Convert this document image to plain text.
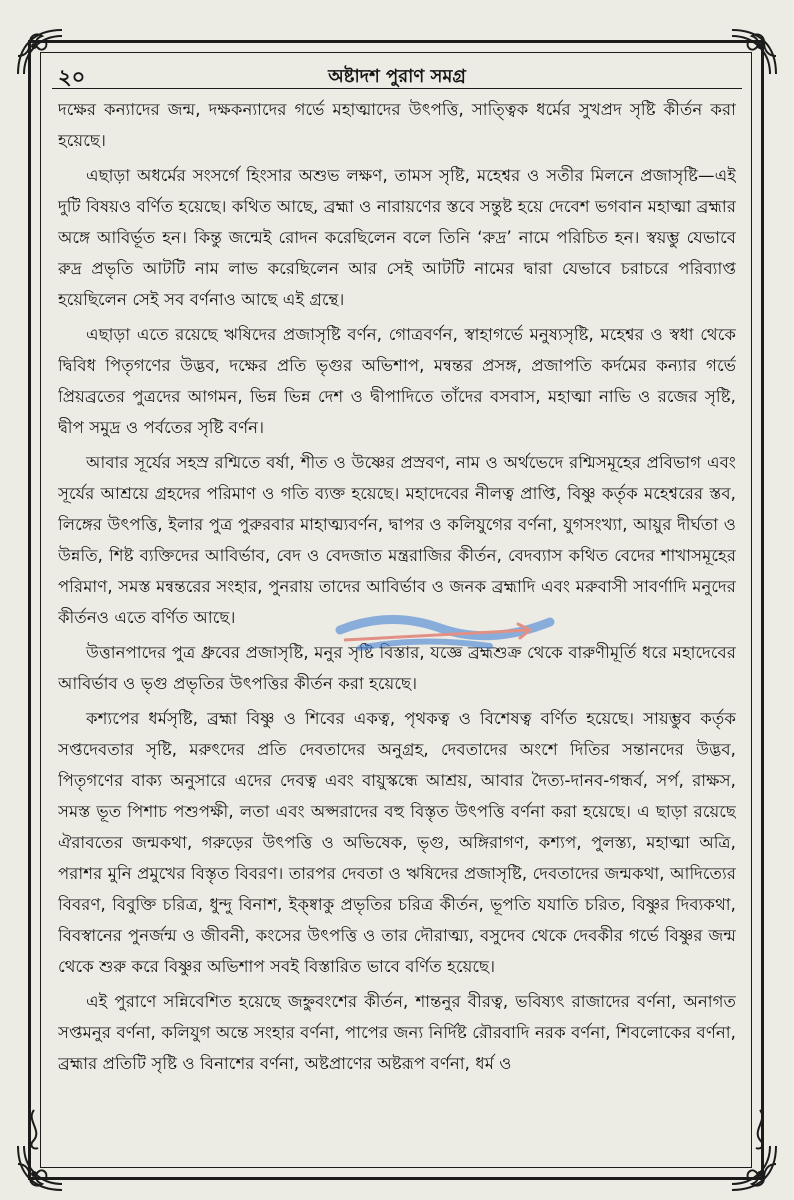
২০	অষ্টাদশ পুরাণ সমগ্র

দক্ষের কন্যাদের জন্ম, দক্ষকন্যাদের গর্ভে মহাত্মাদের উৎপত্তি, সাত্ত্বিক ধর্মের সুখপ্রদ সৃষ্টি কীর্তন করা হয়েছে।

এছাড়া অধর্মের সংসর্গে হিংসার অশুভ লক্ষণ, তামস সৃষ্টি, মহেশ্বর ও সতীর মিলনে প্রজাসৃষ্টি—এই দুটি বিষয়ও বর্ণিত হয়েছে। কথিত আছে, ব্রহ্মা ও নারায়ণের স্তবে সন্তুষ্ট হয়ে দেবেশ ভগবান মহাত্মা ব্রহ্মার অঙ্গে আবির্ভূত হন। কিন্তু জন্মেই রোদন করেছিলেন বলে তিনি ‘রুদ্র’ নামে পরিচিত হন। স্বয়ম্ভু যেভাবে রুদ্র প্রভৃতি আটটি নাম লাভ করেছিলেন আর সেই আটটি নামের দ্বারা যেভাবে চরাচরে পরিব্যাপ্ত হয়েছিলেন সেই সব বর্ণনাও আছে এই গ্রন্থে।

এছাড়া এতে রয়েছে ঋষিদের প্রজাসৃষ্টি বর্ণন, গোত্রবর্ণন, স্বাহাগর্ভে মনুষ্যসৃষ্টি, মহেশ্বর ও স্বধা থেকে দ্বিবিধ পিতৃগণের উদ্ভব, দক্ষের প্রতি ভৃগুর অভিশাপ, মন্বন্তর প্রসঙ্গ, প্রজাপতি কর্দমের কন্যার গর্ভে প্রিয়ব্রতের পুত্রদের আগমন, ভিন্ন ভিন্ন দেশ ও দ্বীপাদিতে তাঁদের বসবাস, মহাত্মা নাভি ও রজের সৃষ্টি, দ্বীপ সমুদ্র ও পর্বতের সৃষ্টি বর্ণন।

আবার সূর্যের সহস্র রশ্মিতে বর্ষা, শীত ও উষ্ণের প্রস্রবণ, নাম ও অর্থভেদে রশ্মিসমূহের প্রবিভাগ এবং সূর্যের আশ্রয়ে গ্রহদের পরিমাণ ও গতি ব্যক্ত হয়েছে। মহাদেবের নীলত্ব প্রাপ্তি, বিষ্ণু কর্তৃক মহেশ্বরের স্তব, লিঙ্গের উৎপত্তি, ইলার পুত্র পুরুরবার মাহাত্ম্যবর্ণন, দ্বাপর ও কলিযুগের বর্ণনা, যুগসংখ্যা, আয়ুর দীর্ঘতা ও উন্নতি, শিষ্ট ব্যক্তিদের আবির্ভাব, বেদ ও বেদজাত মন্ত্ররাজির কীর্তন, বেদব্যাস কথিত বেদের শাখাসমূহের পরিমাণ, সমস্ত মন্বন্তরের সংহার, পুনরায় তাদের আবির্ভাব ও জনক ব্রহ্মাদি এবং মরুবাসী সাবর্ণাদি মনুদের কীর্তনও এতে বর্ণিত আছে।

উত্তানপাদের পুত্র ধ্রুবের প্রজাসৃষ্টি, মনুর সৃষ্টি বিস্তার, যজ্ঞে ব্রহ্মশুক্র থেকে বারুণীমূর্তি ধরে মহাদেবের আবির্ভাব ও ভৃগু প্রভৃতির উৎপত্তির কীর্তন করা হয়েছে।

কশ্যপের ধর্মসৃষ্টি, ব্রহ্মা বিষ্ণু ও শিবের একত্ব, পৃথকত্ব ও বিশেষত্ব বর্ণিত হয়েছে। সায়ম্ভুব কর্তৃক সপ্তদেবতার সৃষ্টি, মরুৎদের প্রতি দেবতাদের অনুগ্রহ, দেবতাদের অংশে দিতির সন্তানদের উদ্ভব, পিতৃগণের বাক্য অনুসারে এদের দেবত্ব এবং বায়ুস্কন্ধে আশ্রয়, আবার দৈত্য-দানব-গন্ধর্ব, সর্প, রাক্ষস, সমস্ত ভূত পিশাচ পশুপক্ষী, লতা এবং অপ্সরাদের বহু বিস্তৃত উৎপত্তি বর্ণনা করা হয়েছে। এ ছাড়া রয়েছে ঐরাবতের জন্মকথা, গরুড়ের উৎপত্তি ও অভিষেক, ভৃগু, অঙ্গিরাগণ, কশ্যপ, পুলস্ত্য, মহাত্মা অত্রি, পরাশর মুনি প্রমুখের বিস্তৃত বিবরণ। তারপর দেবতা ও ঋষিদের প্রজাসৃষ্টি, দেবতাদের জন্মকথা, আদিত্যের বিবরণ, বিবুক্তি চরিত্র, ধুন্দু বিনাশ, ইক্ষ্বাকু প্রভৃতির চরিত্র কীর্তন, ভূপতি যযাতি চরিত, বিষ্ণুর দিব্যকথা, বিবস্বানের পুনর্জন্ম ও জীবনী, কংসের উৎপত্তি ও তার দৌরাত্ম্য, বসুদেব থেকে দেবকীর গর্ভে বিষ্ণুর জন্ম থেকে শুরু করে বিষ্ণুর অভিশাপ সবই বিস্তারিত ভাবে বর্ণিত হয়েছে।

এই পুরাণে সন্নিবেশিত হয়েছে জহ্নুবংশের কীর্তন, শান্তনুর বীরত্ব, ভবিষ্যৎ রাজাদের বর্ণনা, অনাগত সপ্তমনুর বর্ণনা, কলিযুগ অন্তে সংহার বর্ণনা, পাপের জন্য নির্দিষ্ট রৌরবাদি নরক বর্ণনা, শিবলোকের বর্ণনা, ব্রহ্মার প্রতিটি সৃষ্টি ও বিনাশের বর্ণনা, অষ্টপ্রাণের অষ্টরূপ বর্ণনা, ধর্ম ও
